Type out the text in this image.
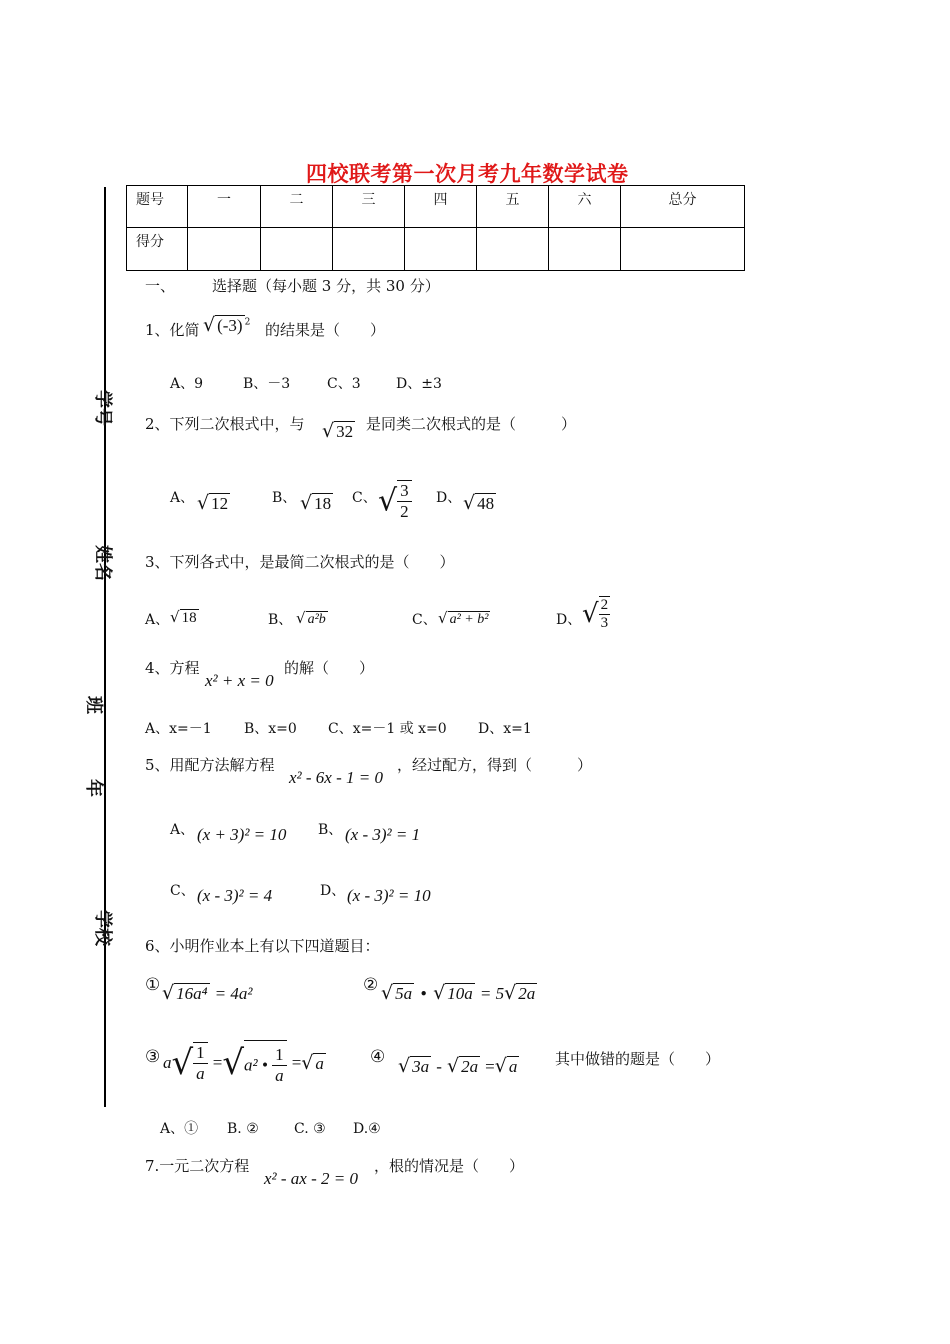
四校联考第一次月考九年数学试卷
题号	一	二	三	四	五	六	总分
得分							
学号
姓名
班
年
学校
一、 选择题（每小题 3 分，共 30 分）
1、化简 √ (-3) $^2$ 的结果是（　　）
A、9	B、－3	C、3	D、±3
2、下列二次根式中，与 √ 32 是同类二次根式的是（　　　）
A、 √ 12	B、 √ 18 C、 √ $\frac{3}{2}$ D、 √ 48
3、下列各式中，是最简二次根式的是（　　）
A、 √ 18	B、 √ a²b	C、 √ a² + b²	D、 √ $\frac{2}{3}$
4、方程
x² + x = 0
的解（　　）
A、x=－1 B、x=0 C、x=－1 或 x=0 D、x=1
5、用配方法解方程
x² - 6x - 1 = 0
，经过配方，得到（　　　）
A、 (x + 3)² = 10 B、 (x - 3)² = 1
C、 (x - 3)² = 4	D、 (x - 3)² = 10
6、小明作业本上有以下四道题目：
① √ 16a⁴ = 4a²	② √ 5a • √ 10a = 5√ 2a
③ $a√ \frac{1}{a} =√a^2$ • $\frac{1}{a}$ =√ a	④ √ 3a - √ 2a =√ a	其中做错的题是（　　）
A、① B. ②	C. ③ D.④
7.一元二次方程
x² - ax - 2 = 0
，根的情况是（　　）
